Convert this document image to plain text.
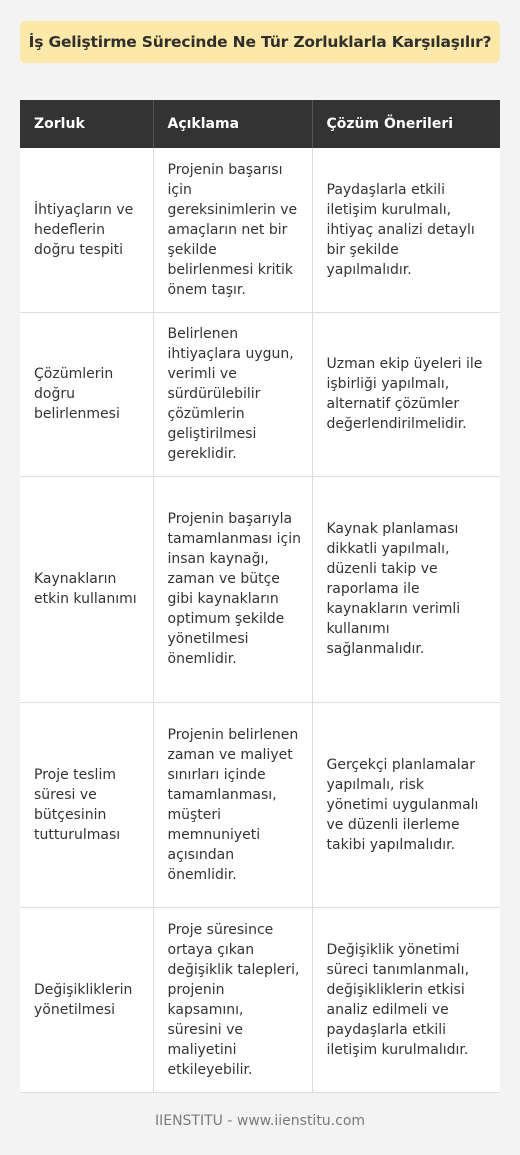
İş Geliştirme Sürecinde Ne Tür Zorluklarla Karşılaşılır?
Zorluk	Açıklama	Çözüm Önerileri
İhtiyaçların ve hedeflerin doğru tespiti	Projenin başarısı için gereksinimlerin ve amaçların net bir şekilde belirlenmesi kritik önem taşır.	Paydaşlarla etkili iletişim kurulmalı, ihtiyaç analizi detaylı bir şekilde yapılmalıdır.
Çözümlerin doğru belirlenmesi	Belirlenen ihtiyaçlara uygun, verimli ve sürdürülebilir çözümlerin geliştirilmesi gereklidir.	Uzman ekip üyeleri ile işbirliği yapılmalı, alternatif çözümler değerlendirilmelidir.
Kaynakların etkin kullanımı	Projenin başarıyla tamamlanması için insan kaynağı, zaman ve bütçe gibi kaynakların optimum şekilde yönetilmesi önemlidir.	Kaynak planlaması dikkatli yapılmalı, düzenli takip ve raporlama ile kaynakların verimli kullanımı sağlanmalıdır.
Proje teslim süresi ve bütçesinin tutturulması	Projenin belirlenen zaman ve maliyet sınırları içinde tamamlanması, müşteri memnuniyeti açısından önemlidir.	Gerçekçi planlamalar yapılmalı, risk yönetimi uygulanmalı ve düzenli ilerleme takibi yapılmalıdır.
Değişikliklerin yönetilmesi	Proje süresince ortaya çıkan değişiklik talepleri, projenin kapsamını, süresini ve maliyetini etkileyebilir.	Değişiklik yönetimi süreci tanımlanmalı, değişikliklerin etkisi analiz edilmeli ve paydaşlarla etkili iletişim kurulmalıdır.
IIENSTITU - www.iienstitu.com
